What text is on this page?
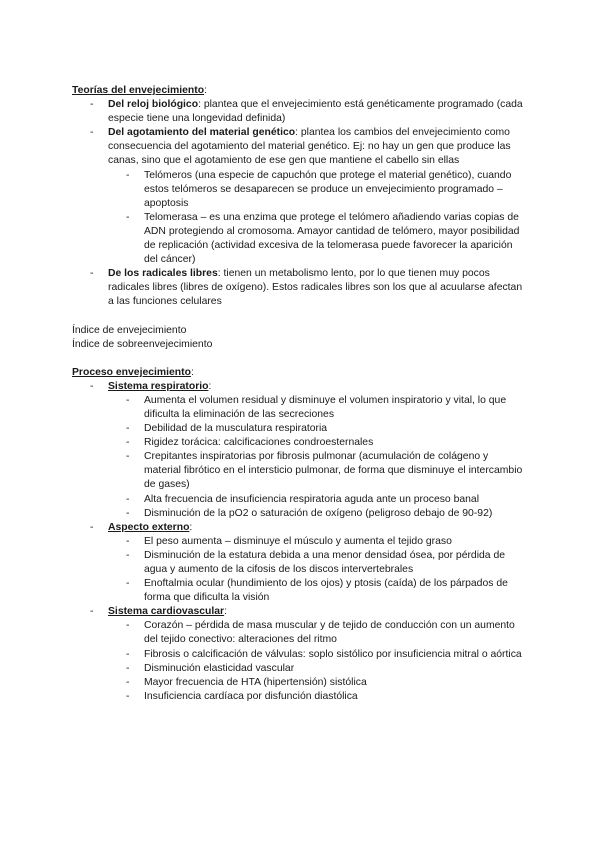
Teorías del envejecimiento:
- Del reloj biológico: plantea que el envejecimiento está genéticamente programado (cada especie tiene una longevidad definida)
- Del agotamiento del material genético: plantea los cambios del envejecimiento como consecuencia del agotamiento del material genético. Ej: no hay un gen que produce las canas, sino que el agotamiento de ese gen que mantiene el cabello sin ellas
- Telómeros (una especie de capuchón que protege el material genético), cuando estos telómeros se desaparecen se produce un envejecimiento programado – apoptosis
- Telomerasa – es una enzima que protege el telómero añadiendo varias copias de ADN protegiendo al cromosoma. Amayor cantidad de telómero, mayor posibilidad de replicación (actividad excesiva de la telomerasa puede favorecer la aparición del cáncer)
- De los radicales libres: tienen un metabolismo lento, por lo que tienen muy pocos radicales libres (libres de oxígeno). Estos radicales libres son los que al acuularse afectan a las funciones celulares
Índice de envejecimiento
Índice de sobreenvejecimiento
Proceso envejecimiento:
- Sistema respiratorio:
- Aumenta el volumen residual y disminuye el volumen inspiratorio y vital, lo que dificulta la eliminación de las secreciones
- Debilidad de la musculatura respiratoria
- Rigidez torácica: calcificaciones condroesternales
- Crepitantes inspiratorias por fibrosis pulmonar (acumulación de colágeno y material fibrótico en el intersticio pulmonar, de forma que disminuye el intercambio de gases)
- Alta frecuencia de insuficiencia respiratoria aguda ante un proceso banal
- Disminución de la pO2 o saturación de oxígeno (peligroso debajo de 90-92)
- Aspecto externo:
- El peso aumenta – disminuye el músculo y aumenta el tejido graso
- Disminución de la estatura debida a una menor densidad ósea, por pérdida de agua y aumento de la cifosis de los discos intervertebrales
- Enoftalmia ocular (hundimiento de los ojos) y ptosis (caída) de los párpados de forma que dificulta la visión
- Sistema cardiovascular:
- Corazón – pérdida de masa muscular y de tejido de conducción con un aumento del tejido conectivo: alteraciones del ritmo
- Fibrosis o calcificación de válvulas: soplo sistólico por insuficiencia mitral o aórtica
- Disminución elasticidad vascular
- Mayor frecuencia de HTA (hipertensión) sistólica
- Insuficiencia cardíaca por disfunción diastólica
